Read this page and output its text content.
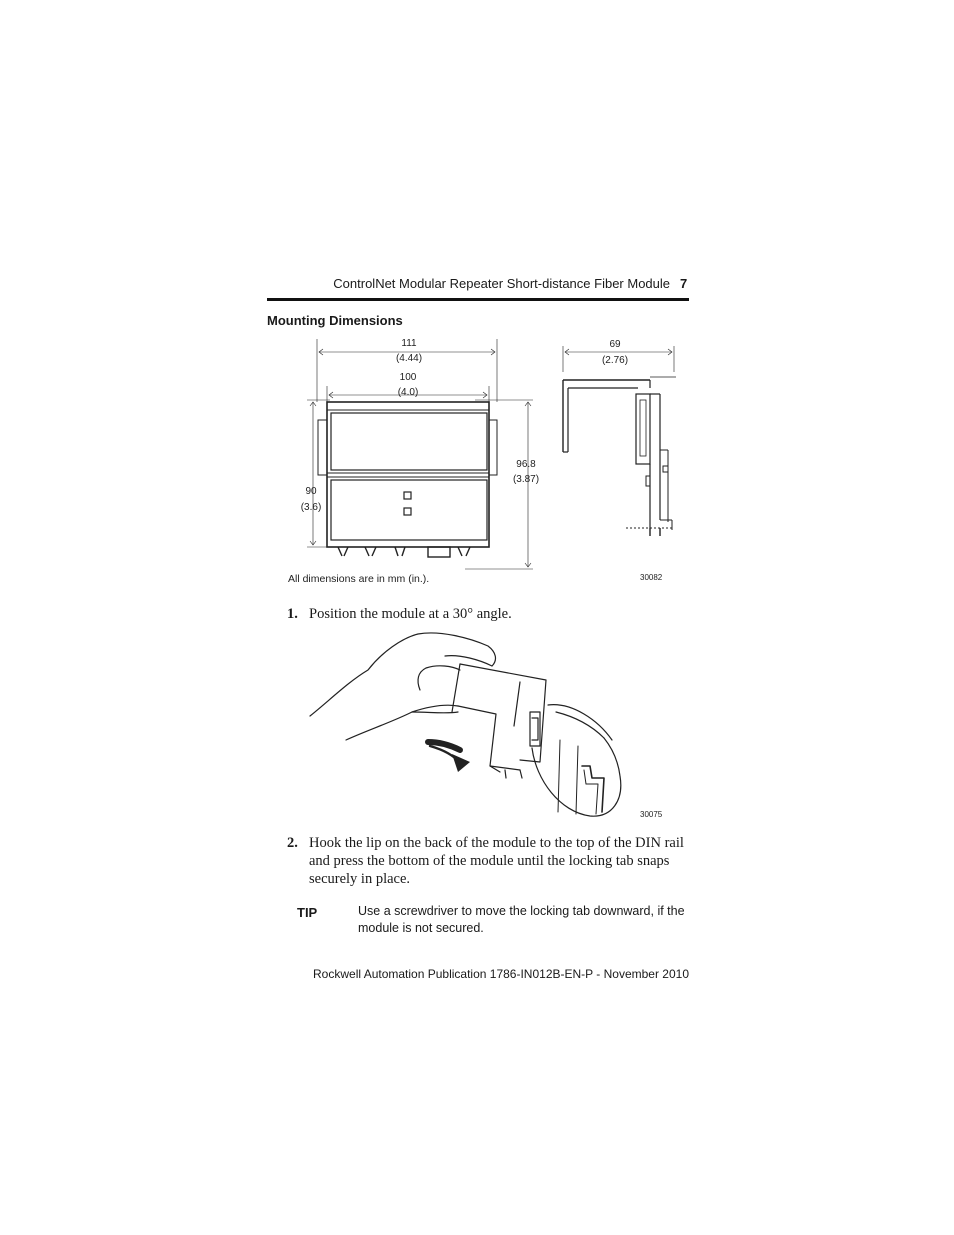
ControlNet Modular Repeater Short-distance Fiber Module 7
Mounting Dimensions
111
(4.44)
100
(4.0)
96.8
(3.87)
90
(3.6)
69
(2.76)
All dimensions are in mm (in.).	30082
1. Position the module at a 30° angle.
30075
2. Hook the lip on the back of the module to the top of the DIN rail and press the bottom of the module until the locking tab snaps securely in place.
TIP	Use a screwdriver to move the locking tab downward, if the module is not secured.
Rockwell Automation Publication 1786-IN012B-EN-P - November 2010
